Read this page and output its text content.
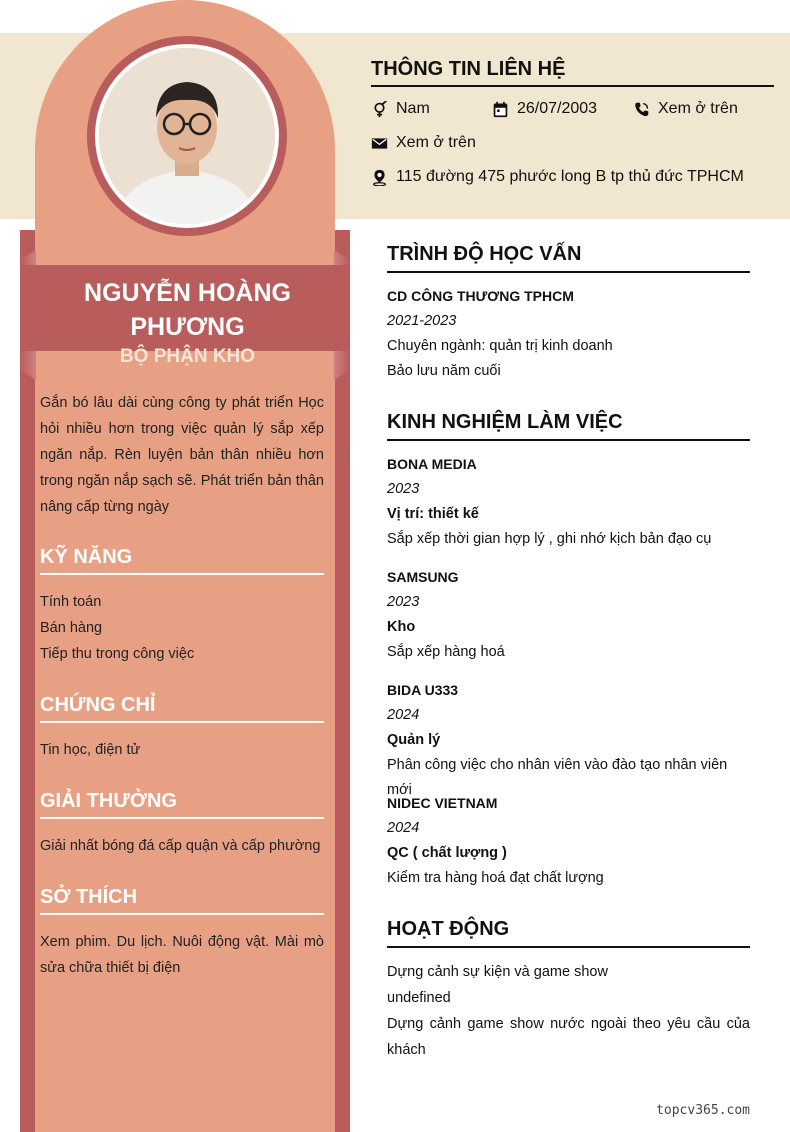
NGUYỄN HOÀNG PHƯƠNG
BỘ PHẬN KHO
Gắn bó lâu dài cùng công ty phát triển Học hỏi nhiều hơn trong việc quản lý sắp xếp ngăn nắp. Rèn luyện bản thân nhiều hơn trong ngăn nắp sạch sẽ. Phát triển bản thân nâng cấp từng ngày
KỸ NĂNG
Tính toán
Bán hàng
Tiếp thu trong công việc
CHỨNG CHỈ
Tin học, điện tử
GIẢI THƯỞNG
Giải nhất bóng đá cấp quận và cấp phường
SỞ THÍCH
Xem phim. Du lịch. Nuôi động vật. Mài mò sửa chữa thiết bị điện
THÔNG TIN LIÊN HỆ
Nam	26/07/2003	Xem ở trên
Xem ở trên
115 đường 475 phước long B tp thủ đức TPHCM
TRÌNH ĐỘ HỌC VẤN
CD CÔNG THƯƠNG TPHCM
2021-2023
Chuyên ngành: quản trị kinh doanh
Bảo lưu năm cuối
KINH NGHIỆM LÀM VIỆC
BONA MEDIA
2023
Vị trí: thiết kế
Sắp xếp thời gian hợp lý , ghi nhớ kịch bản đạo cụ
SAMSUNG
2023
Kho
Sắp xếp hàng hoá
BIDA U333
2024
Quản lý
Phân công việc cho nhân viên vào đào tạo nhân viên mới
NIDEC VIETNAM
2024
QC ( chất lượng )
Kiểm tra hàng hoá đạt chất lượng
HOẠT ĐỘNG
Dựng cảnh sự kiện và game show
undefined
Dựng cảnh game show nước ngoài theo yêu cầu của khách
topcv365.com
